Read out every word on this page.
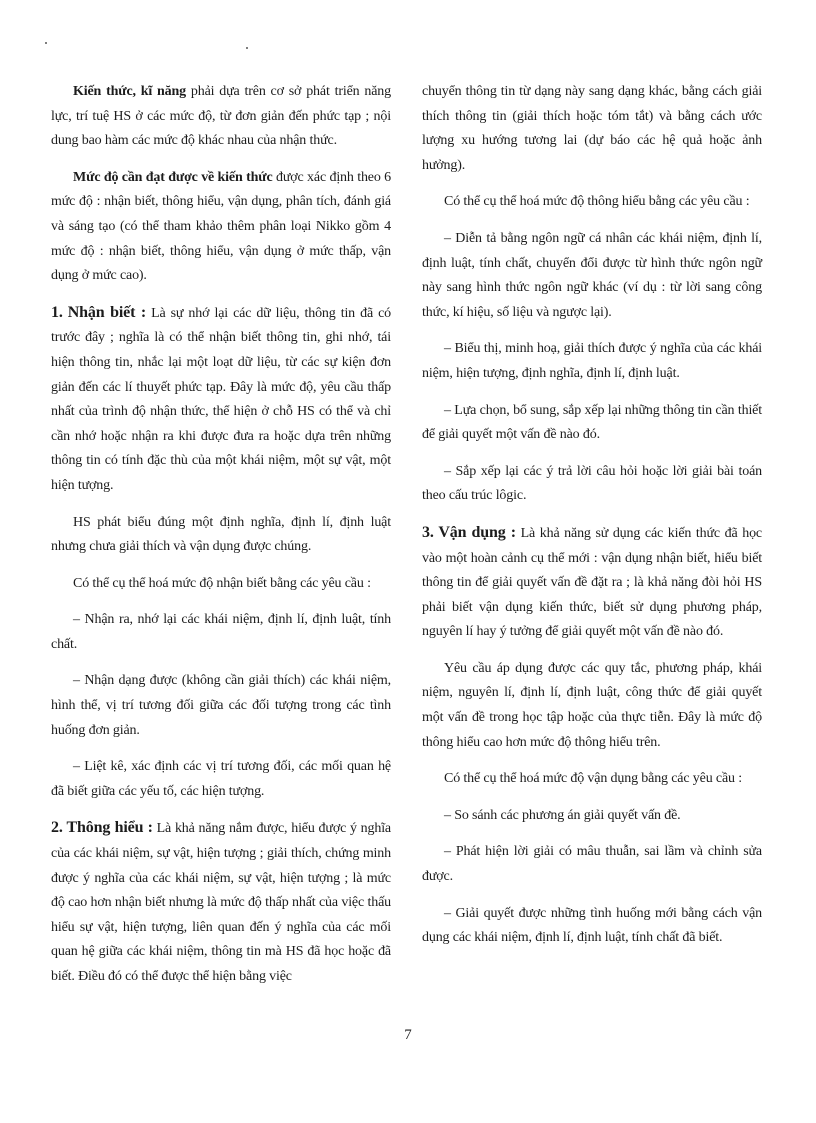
Kiến thức, kĩ năng phải dựa trên cơ sở phát triển năng lực, trí tuệ HS ở các mức độ, từ đơn giản đến phức tạp ; nội dung bao hàm các mức độ khác nhau của nhận thức.

Mức độ cần đạt được về kiến thức được xác định theo 6 mức độ : nhận biết, thông hiểu, vận dụng, phân tích, đánh giá và sáng tạo (có thể tham khảo thêm phân loại Nikko gồm 4 mức độ : nhận biết, thông hiểu, vận dụng ở mức thấp, vận dụng ở mức cao).

1. Nhận biết : Là sự nhớ lại các dữ liệu, thông tin đã có trước đây ; nghĩa là có thể nhận biết thông tin, ghi nhớ, tái hiện thông tin, nhắc lại một loạt dữ liệu, từ các sự kiện đơn giản đến các lí thuyết phức tạp. Đây là mức độ, yêu cầu thấp nhất của trình độ nhận thức, thể hiện ở chỗ HS có thể và chỉ cần nhớ hoặc nhận ra khi được đưa ra hoặc dựa trên những thông tin có tính đặc thù của một khái niệm, một sự vật, một hiện tượng.

HS phát biểu đúng một định nghĩa, định lí, định luật nhưng chưa giải thích và vận dụng được chúng.

Có thể cụ thể hoá mức độ nhận biết bằng các yêu cầu :

– Nhận ra, nhớ lại các khái niệm, định lí, định luật, tính chất.

– Nhận dạng được (không cần giải thích) các khái niệm, hình thể, vị trí tương đối giữa các đối tượng trong các tình huống đơn giản.

– Liệt kê, xác định các vị trí tương đối, các mối quan hệ đã biết giữa các yếu tố, các hiện tượng.

2. Thông hiểu : Là khả năng nắm được, hiểu được ý nghĩa của các khái niệm, sự vật, hiện tượng ; giải thích, chứng minh được ý nghĩa của các khái niệm, sự vật, hiện tượng ; là mức độ cao hơn nhận biết nhưng là mức độ thấp nhất của việc thấu hiểu sự vật, hiện tượng, liên quan đến ý nghĩa của các mối quan hệ giữa các khái niệm, thông tin mà HS đã học hoặc đã biết. Điều đó có thể được thể hiện bằng việc

chuyển thông tin từ dạng này sang dạng khác, bằng cách giải thích thông tin (giải thích hoặc tóm tắt) và bằng cách ước lượng xu hướng tương lai (dự báo các hệ quả hoặc ảnh hưởng).

Có thể cụ thể hoá mức độ thông hiểu bằng các yêu cầu :

– Diễn tả bằng ngôn ngữ cá nhân các khái niệm, định lí, định luật, tính chất, chuyển đổi được từ hình thức ngôn ngữ này sang hình thức ngôn ngữ khác (ví dụ : từ lời sang công thức, kí hiệu, số liệu và ngược lại).

– Biểu thị, minh hoạ, giải thích được ý nghĩa của các khái niệm, hiện tượng, định nghĩa, định lí, định luật.

– Lựa chọn, bổ sung, sắp xếp lại những thông tin cần thiết để giải quyết một vấn đề nào đó.

– Sắp xếp lại các ý trả lời câu hỏi hoặc lời giải bài toán theo cấu trúc lôgic.

3. Vận dụng : Là khả năng sử dụng các kiến thức đã học vào một hoàn cảnh cụ thể mới : vận dụng nhận biết, hiểu biết thông tin để giải quyết vấn đề đặt ra ; là khả năng đòi hỏi HS phải biết vận dụng kiến thức, biết sử dụng phương pháp, nguyên lí hay ý tưởng để giải quyết một vấn đề nào đó.

Yêu cầu áp dụng được các quy tắc, phương pháp, khái niệm, nguyên lí, định lí, định luật, công thức để giải quyết một vấn đề trong học tập hoặc của thực tiễn. Đây là mức độ thông hiểu cao hơn mức độ thông hiểu trên.

Có thể cụ thể hoá mức độ vận dụng bằng các yêu cầu :

– So sánh các phương án giải quyết vấn đề.

– Phát hiện lời giải có mâu thuẫn, sai lầm và chỉnh sửa được.

– Giải quyết được những tình huống mới bằng cách vận dụng các khái niệm, định lí, định luật, tính chất đã biết.

7
